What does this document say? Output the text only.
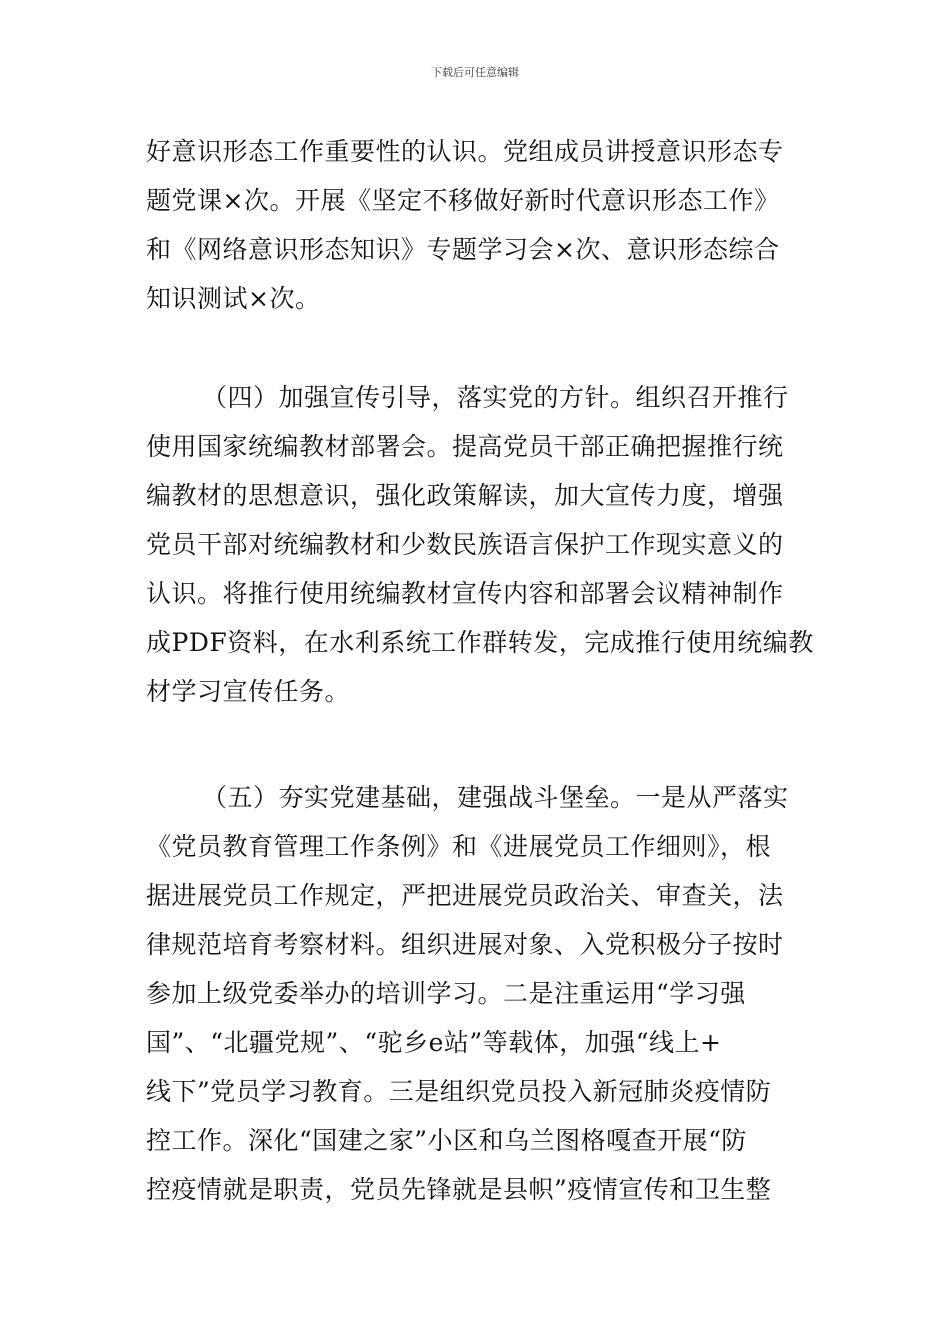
下载后可任意编辑
好意识形态工作重要性的认识。党组成员讲授意识形态专
题党课×次。开展《坚定不移做好新时代意识形态工作》
和《网络意识形态知识》专题学习会×次、意识形态综合
知识测试×次。
（四）加强宣传引导，落实党的方针。组织召开推行
使用国家统编教材部署会。提高党员干部正确把握推行统
编教材的思想意识，强化政策解读，加大宣传力度，增强
党员干部对统编教材和少数民族语言保护工作现实意义的
认识。将推行使用统编教材宣传内容和部署会议精神制作
成PDF资料，在水利系统工作群转发，完成推行使用统编教
材学习宣传任务。
（五）夯实党建基础，建强战斗堡垒。一是从严落实
《党员教育管理工作条例》和《进展党员工作细则》，根
据进展党员工作规定，严把进展党员政治关、审查关，法
律规范培育考察材料。组织进展对象、入党积极分子按时
参加上级党委举办的培训学习。二是注重运用“学习强
国”、“北疆党规”、“驼乡e站”等载体，加强“线上+
线下”党员学习教育。三是组织党员投入新冠肺炎疫情防
控工作。深化“国建之家”小区和乌兰图格嘎查开展“防
控疫情就是职责，党员先锋就是县帜”疫情宣传和卫生整
